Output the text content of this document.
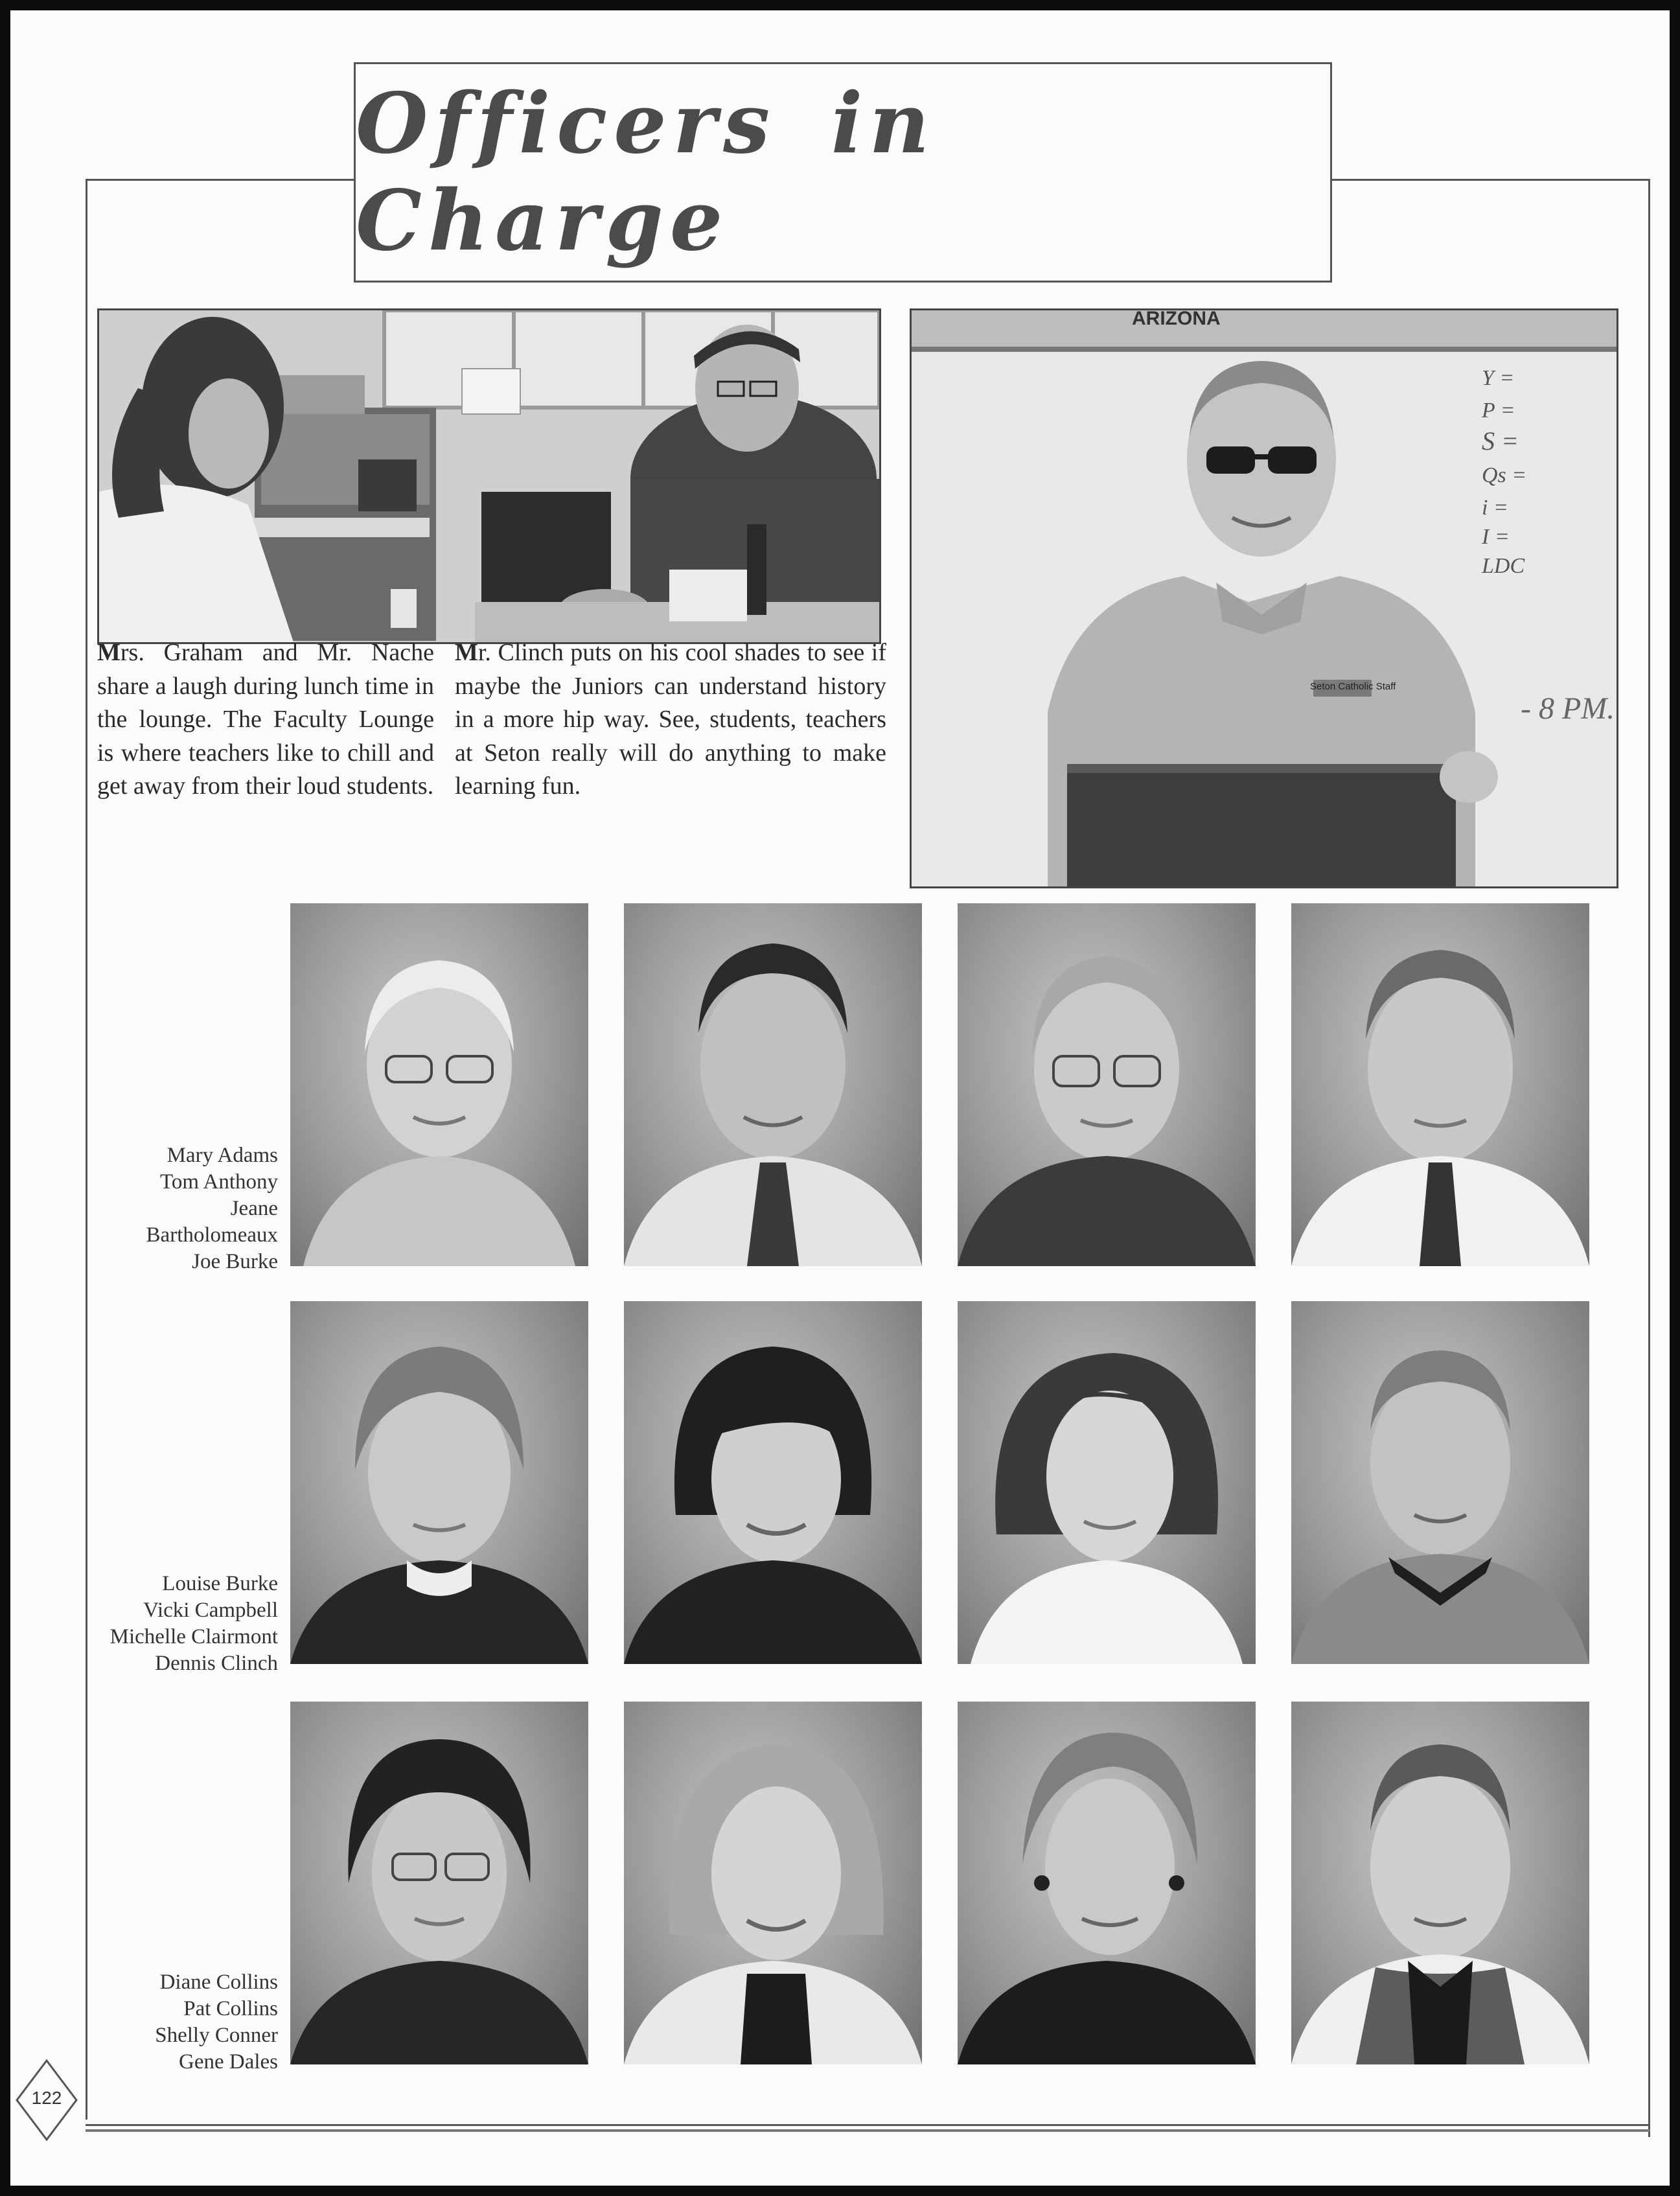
Officers in Charge
ARIZONA
Y =
P =
S =
Qs =
i =
I =
LDC
- 8 PM.
Seton Catholic Staff

Mrs. Graham and Mr. Nache share a laugh during lunch time in the lounge. The Faculty Lounge is where teachers like to chill and get away from their loud students.

Mr. Clinch puts on his cool shades to see if maybe the Juniors can understand history in a more hip way. See, students, teachers at Seton really will do anything to make learning fun.

Mary Adams
Tom Anthony
Jeane
Bartholomeaux
Joe Burke
Louise Burke
Vicki Campbell
Michelle Clairmont
Dennis Clinch
Diane Collins
Pat Collins
Shelly Conner
Gene Dales
122
